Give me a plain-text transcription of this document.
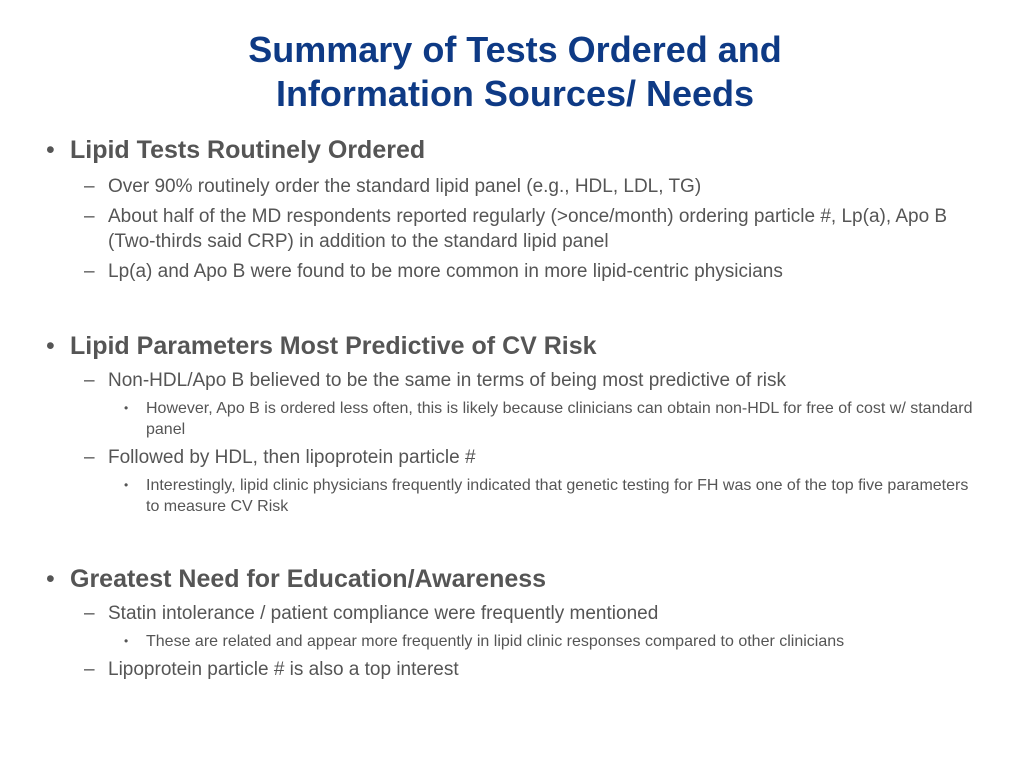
Summary of Tests Ordered and
Information Sources/ Needs
• Lipid Tests Routinely Ordered
– Over 90% routinely order the standard lipid panel (e.g., HDL, LDL, TG)
– About half of the MD respondents reported regularly (>once/month) ordering particle #, Lp(a), Apo B (Two-thirds said CRP) in addition to the standard lipid panel
– Lp(a) and Apo B were found to be more common in more lipid-centric physicians
• Lipid Parameters Most Predictive of CV Risk
– Non-HDL/Apo B believed to be the same in terms of being most predictive of risk
• However, Apo B is ordered less often, this is likely because clinicians can obtain non-HDL for free of cost w/ standard panel
– Followed by HDL, then lipoprotein particle #
• Interestingly, lipid clinic physicians frequently indicated that genetic testing for FH was one of the top five parameters to measure CV Risk
• Greatest Need for Education/Awareness
– Statin intolerance / patient compliance were frequently mentioned
• These are related and appear more frequently in lipid clinic responses compared to other clinicians
– Lipoprotein particle # is also a top interest
